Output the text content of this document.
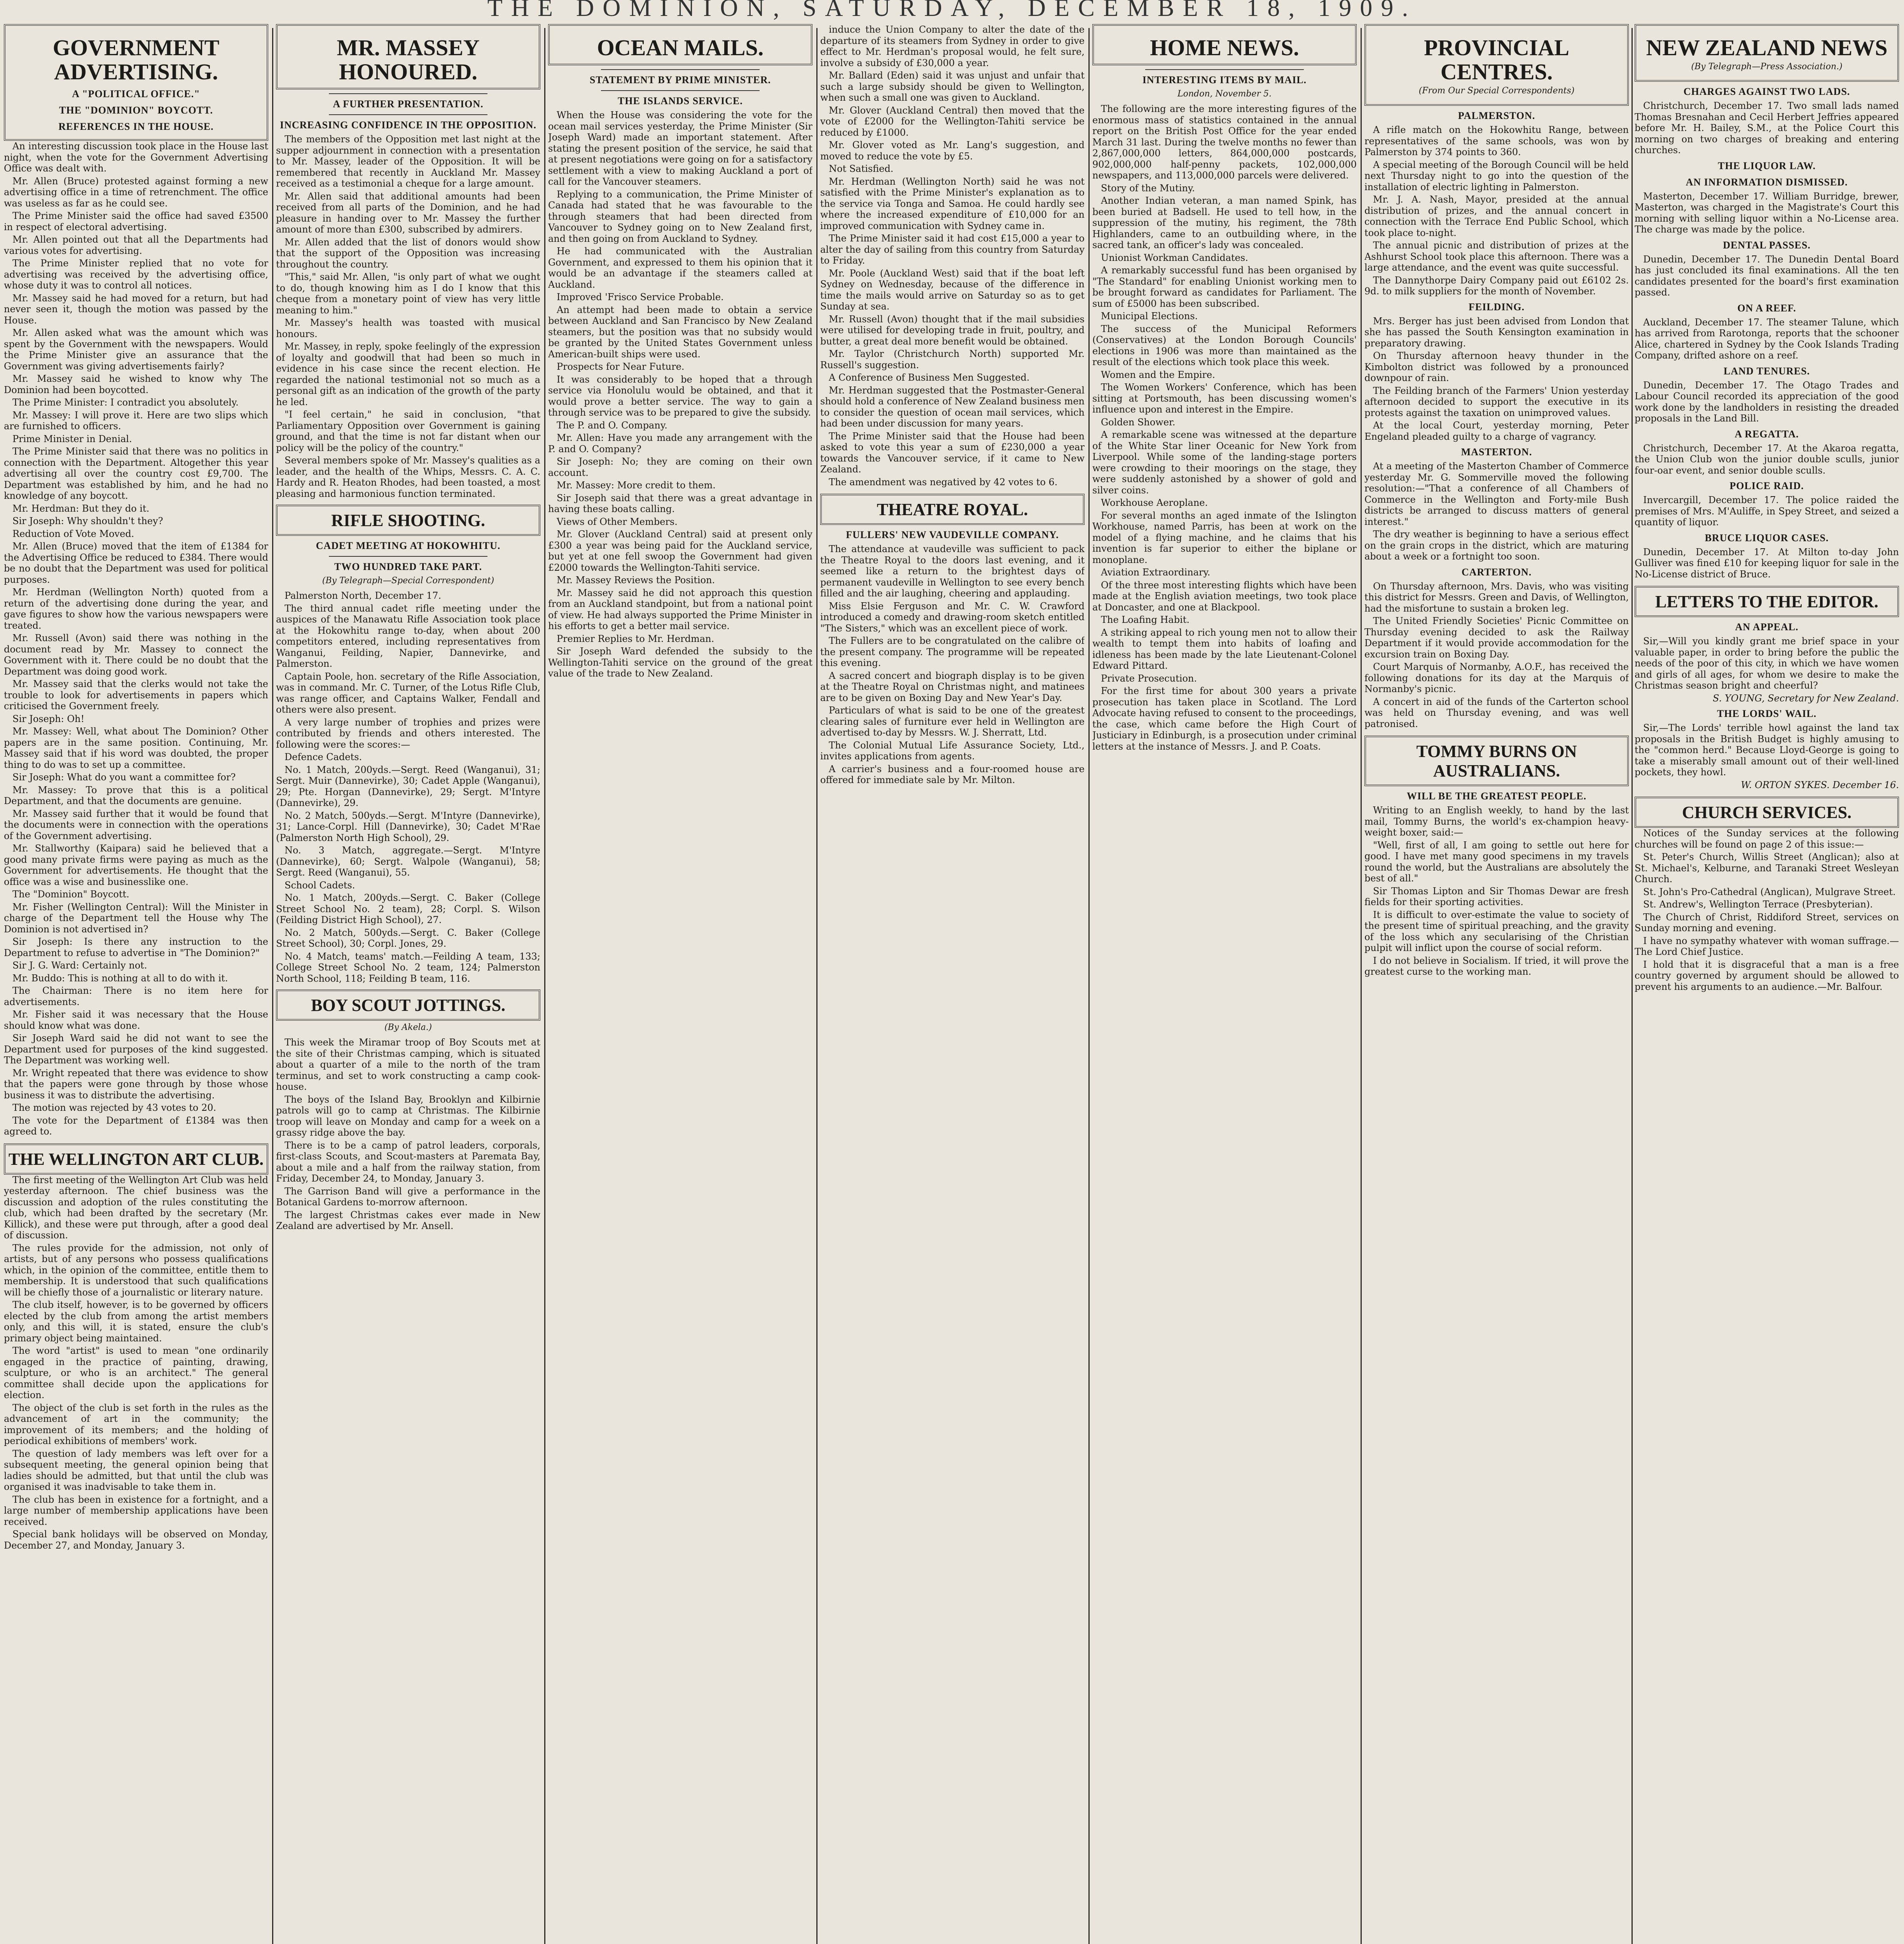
THE DOMINION, SATURDAY, DECEMBER 18, 1909.
GOVERNMENT ADVERTISING.
A "POLITICAL OFFICE."
THE "DOMINION" BOYCOTT.
REFERENCES IN THE HOUSE.

An interesting discussion took place in the House last night, when the vote for the Government Advertising Office was dealt with.

Mr. Allen (Bruce) protested against forming a new advertising office in a time of retrenchment. The office was useless as far as he could see.

The Prime Minister said the office had saved £3500 in respect of electoral advertising.

Mr. Allen pointed out that all the Departments had various votes for advertising.

The Prime Minister replied that no vote for advertising was received by the advertising office, whose duty it was to control all notices.

Mr. Massey said he had moved for a return, but had never seen it, though the motion was passed by the House.

Mr. Allen asked what was the amount which was spent by the Government with the newspapers. Would the Prime Minister give an assurance that the Government was giving advertisements fairly?

Mr. Massey said he wished to know why The Dominion had been boycotted.

The Prime Minister: I contradict you absolutely.

Mr. Massey: I will prove it. Here are two slips which are furnished to officers.

Prime Minister in Denial.

The Prime Minister said that there was no politics in connection with the Department. Altogether this year advertising all over the country cost £9,700. The Department was established by him, and he had no knowledge of any boycott.

Mr. Herdman: But they do it.

Sir Joseph: Why shouldn't they?

Reduction of Vote Moved.

Mr. Allen (Bruce) moved that the item of £1384 for the Advertising Office be reduced to £384. There would be no doubt that the Department was used for political purposes.

Mr. Herdman (Wellington North) quoted from a return of the advertising done during the year, and gave figures to show how the various newspapers were treated.

Mr. Russell (Avon) said there was nothing in the document read by Mr. Massey to connect the Government with it. There could be no doubt that the Department was doing good work.

Mr. Massey said that the clerks would not take the trouble to look for advertisements in papers which criticised the Government freely.

Sir Joseph: Oh!

Mr. Massey: Well, what about The Dominion? Other papers are in the same position. Continuing, Mr. Massey said that if his word was doubted, the proper thing to do was to set up a committee.

Sir Joseph: What do you want a committee for?

Mr. Massey: To prove that this is a political Department, and that the documents are genuine.

Mr. Massey said further that it would be found that the documents were in connection with the operations of the Government advertising.

Mr. Stallworthy (Kaipara) said he believed that a good many private firms were paying as much as the Government for advertisements. He thought that the office was a wise and businesslike one.

The "Dominion" Boycott.

Mr. Fisher (Wellington Central): Will the Minister in charge of the Department tell the House why The Dominion is not advertised in?

Sir Joseph: Is there any instruction to the Department to refuse to advertise in "The Dominion?"

Sir J. G. Ward: Certainly not.

Mr. Buddo: This is nothing at all to do with it.

The Chairman: There is no item here for advertisements.

Mr. Fisher said it was necessary that the House should know what was done.

Sir Joseph Ward said he did not want to see the Department used for purposes of the kind suggested. The Department was working well.

Mr. Wright repeated that there was evidence to show that the papers were gone through by those whose business it was to distribute the advertising.

The motion was rejected by 43 votes to 20.

The vote for the Department of £1384 was then agreed to.

THE WELLINGTON ART CLUB.

The first meeting of the Wellington Art Club was held yesterday afternoon. The chief business was the discussion and adoption of the rules constituting the club, which had been drafted by the secretary (Mr. Killick), and these were put through, after a good deal of discussion.

The rules provide for the admission, not only of artists, but of any persons who possess qualifications which, in the opinion of the committee, entitle them to membership. It is understood that such qualifications will be chiefly those of a journalistic or literary nature.

The club itself, however, is to be governed by officers elected by the club from among the artist members only, and this will, it is stated, ensure the club's primary object being maintained.

The word "artist" is used to mean "one ordinarily engaged in the practice of painting, drawing, sculpture, or who is an architect." The general committee shall decide upon the applications for election.

The object of the club is set forth in the rules as the advancement of art in the community; the improvement of its members; and the holding of periodical exhibitions of members' work.

The question of lady members was left over for a subsequent meeting, the general opinion being that ladies should be admitted, but that until the club was organised it was inadvisable to take them in.

The club has been in existence for a fortnight, and a large number of membership applications have been received.

Special bank holidays will be observed on Monday, December 27, and Monday, January 3.

MR. MASSEY HONOURED.
A FURTHER PRESENTATION.
INCREASING CONFIDENCE IN THE OPPOSITION.

The members of the Opposition met last night at the supper adjournment in connection with a presentation to Mr. Massey, leader of the Opposition. It will be remembered that recently in Auckland Mr. Massey received as a testimonial a cheque for a large amount.

Mr. Allen said that additional amounts had been received from all parts of the Dominion, and he had pleasure in handing over to Mr. Massey the further amount of more than £300, subscribed by admirers.

Mr. Allen added that the list of donors would show that the support of the Opposition was increasing throughout the country.

"This," said Mr. Allen, "is only part of what we ought to do, though knowing him as I do I know that this cheque from a monetary point of view has very little meaning to him."

Mr. Massey's health was toasted with musical honours.

Mr. Massey, in reply, spoke feelingly of the expression of loyalty and goodwill that had been so much in evidence in his case since the recent election. He regarded the national testimonial not so much as a personal gift as an indication of the growth of the party he led.

"I feel certain," he said in conclusion, "that Parliamentary Opposition over Government is gaining ground, and that the time is not far distant when our policy will be the policy of the country."

Several members spoke of Mr. Massey's qualities as a leader, and the health of the Whips, Messrs. C. A. C. Hardy and R. Heaton Rhodes, had been toasted, a most pleasing and harmonious function terminated.

RIFLE SHOOTING.
CADET MEETING AT HOKOWHITU.
TWO HUNDRED TAKE PART.
(By Telegraph—Special Correspondent)

Palmerston North, December 17.

The third annual cadet rifle meeting under the auspices of the Manawatu Rifle Association took place at the Hokowhitu range to-day, when about 200 competitors entered, including representatives from Wanganui, Feilding, Napier, Dannevirke, and Palmerston.

Captain Poole, hon. secretary of the Rifle Association, was in command. Mr. C. Turner, of the Lotus Rifle Club, was range officer, and Captains Walker, Fendall and others were also present.

A very large number of trophies and prizes were contributed by friends and others interested. The following were the scores:—

Defence Cadets.

No. 1 Match, 200yds.—Sergt. Reed (Wanganui), 31; Sergt. Muir (Dannevirke), 30; Cadet Apple (Wanganui), 29; Pte. Horgan (Dannevirke), 29; Sergt. M'Intyre (Dannevirke), 29.

No. 2 Match, 500yds.—Sergt. M'Intyre (Dannevirke), 31; Lance-Corpl. Hill (Dannevirke), 30; Cadet M'Rae (Palmerston North High School), 29.

No. 3 Match, aggregate.—Sergt. M'Intyre (Dannevirke), 60; Sergt. Walpole (Wanganui), 58; Sergt. Reed (Wanganui), 55.

School Cadets.

No. 1 Match, 200yds.—Sergt. C. Baker (College Street School No. 2 team), 28; Corpl. S. Wilson (Feilding District High School), 27.

No. 2 Match, 500yds.—Sergt. C. Baker (College Street School), 30; Corpl. Jones, 29.

No. 4 Match, teams' match.—Feilding A team, 133; College Street School No. 2 team, 124; Palmerston North School, 118; Feilding B team, 116.

BOY SCOUT JOTTINGS.
(By Akela.)

This week the Miramar troop of Boy Scouts met at the site of their Christmas camping, which is situated about a quarter of a mile to the north of the tram terminus, and set to work constructing a camp cook-house.

The boys of the Island Bay, Brooklyn and Kilbirnie patrols will go to camp at Christmas. The Kilbirnie troop will leave on Monday and camp for a week on a grassy ridge above the bay.

There is to be a camp of patrol leaders, corporals, first-class Scouts, and Scout-masters at Paremata Bay, about a mile and a half from the railway station, from Friday, December 24, to Monday, January 3.

The Garrison Band will give a performance in the Botanical Gardens to-morrow afternoon.

The largest Christmas cakes ever made in New Zealand are advertised by Mr. Ansell.

OCEAN MAILS.
STATEMENT BY PRIME MINISTER.
THE ISLANDS SERVICE.

When the House was considering the vote for the ocean mail services yesterday, the Prime Minister (Sir Joseph Ward) made an important statement. After stating the present position of the service, he said that at present negotiations were going on for a satisfactory settlement with a view to making Auckland a port of call for the Vancouver steamers.

Replying to a communication, the Prime Minister of Canada had stated that he was favourable to the through steamers that had been directed from Vancouver to Sydney going on to New Zealand first, and then going on from Auckland to Sydney.

He had communicated with the Australian Government, and expressed to them his opinion that it would be an advantage if the steamers called at Auckland.

Improved 'Frisco Service Probable.

An attempt had been made to obtain a service between Auckland and San Francisco by New Zealand steamers, but the position was that no subsidy would be granted by the United States Government unless American-built ships were used.

Prospects for Near Future.

It was considerably to be hoped that a through service via Honolulu would be obtained, and that it would prove a better service. The way to gain a through service was to be prepared to give the subsidy.

The P. and O. Company.

Mr. Allen: Have you made any arrangement with the P. and O. Company?

Sir Joseph: No; they are coming on their own account.

Mr. Massey: More credit to them.

Sir Joseph said that there was a great advantage in having these boats calling.

Views of Other Members.

Mr. Glover (Auckland Central) said at present only £300 a year was being paid for the Auckland service, but yet at one fell swoop the Government had given £2000 towards the Wellington-Tahiti service.

Mr. Massey Reviews the Position.

Mr. Massey said he did not approach this question from an Auckland standpoint, but from a national point of view. He had always supported the Prime Minister in his efforts to get a better mail service.

Premier Replies to Mr. Herdman.

Sir Joseph Ward defended the subsidy to the Wellington-Tahiti service on the ground of the great value of the trade to New Zealand.

induce the Union Company to alter the date of the departure of its steamers from Sydney in order to give effect to Mr. Herdman's proposal would, he felt sure, involve a subsidy of £30,000 a year.

Mr. Ballard (Eden) said it was unjust and unfair that such a large subsidy should be given to Wellington, when such a small one was given to Auckland.

Mr. Glover (Auckland Central) then moved that the vote of £2000 for the Wellington-Tahiti service be reduced by £1000.

Mr. Glover voted as Mr. Lang's suggestion, and moved to reduce the vote by £5.

Not Satisfied.

Mr. Herdman (Wellington North) said he was not satisfied with the Prime Minister's explanation as to the service via Tonga and Samoa. He could hardly see where the increased expenditure of £10,000 for an improved communication with Sydney came in.

The Prime Minister said it had cost £15,000 a year to alter the day of sailing from this country from Saturday to Friday.

Mr. Poole (Auckland West) said that if the boat left Sydney on Wednesday, because of the difference in time the mails would arrive on Saturday so as to get Sunday at sea.

Mr. Russell (Avon) thought that if the mail subsidies were utilised for developing trade in fruit, poultry, and butter, a great deal more benefit would be obtained.

Mr. Taylor (Christchurch North) supported Mr. Russell's suggestion.

A Conference of Business Men Suggested.

Mr. Herdman suggested that the Postmaster-General should hold a conference of New Zealand business men to consider the question of ocean mail services, which had been under discussion for many years.

The Prime Minister said that the House had been asked to vote this year a sum of £230,000 a year towards the Vancouver service, if it came to New Zealand.

The amendment was negatived by 42 votes to 6.

THEATRE ROYAL.
FULLERS' NEW VAUDEVILLE COMPANY.

The attendance at vaudeville was sufficient to pack the Theatre Royal to the doors last evening, and it seemed like a return to the brightest days of permanent vaudeville in Wellington to see every bench filled and the air laughing, cheering and applauding.

Miss Elsie Ferguson and Mr. C. W. Crawford introduced a comedy and drawing-room sketch entitled "The Sisters," which was an excellent piece of work.

The Fullers are to be congratulated on the calibre of the present company. The programme will be repeated this evening.

A sacred concert and biograph display is to be given at the Theatre Royal on Christmas night, and matinees are to be given on Boxing Day and New Year's Day.

Particulars of what is said to be one of the greatest clearing sales of furniture ever held in Wellington are advertised to-day by Messrs. W. J. Sherratt, Ltd.

The Colonial Mutual Life Assurance Society, Ltd., invites applications from agents.

A carrier's business and a four-roomed house are offered for immediate sale by Mr. Milton.

HOME NEWS.
INTERESTING ITEMS BY MAIL.
London, November 5.

The following are the more interesting figures of the enormous mass of statistics contained in the annual report on the British Post Office for the year ended March 31 last. During the twelve months no fewer than 2,867,000,000 letters, 864,000,000 postcards, 902,000,000 half-penny packets, 102,000,000 newspapers, and 113,000,000 parcels were delivered.

Story of the Mutiny.

Another Indian veteran, a man named Spink, has been buried at Badsell. He used to tell how, in the suppression of the mutiny, his regiment, the 78th Highlanders, came to an outbuilding where, in the sacred tank, an officer's lady was concealed.

Unionist Workman Candidates.

A remarkably successful fund has been organised by "The Standard" for enabling Unionist working men to be brought forward as candidates for Parliament. The sum of £5000 has been subscribed.

Municipal Elections.

The success of the Municipal Reformers (Conservatives) at the London Borough Councils' elections in 1906 was more than maintained as the result of the elections which took place this week.

Women and the Empire.

The Women Workers' Conference, which has been sitting at Portsmouth, has been discussing women's influence upon and interest in the Empire.

Golden Shower.

A remarkable scene was witnessed at the departure of the White Star liner Oceanic for New York from Liverpool. While some of the landing-stage porters were crowding to their moorings on the stage, they were suddenly astonished by a shower of gold and silver coins.

Workhouse Aeroplane.

For several months an aged inmate of the Islington Workhouse, named Parris, has been at work on the model of a flying machine, and he claims that his invention is far superior to either the biplane or monoplane.

Aviation Extraordinary.

Of the three most interesting flights which have been made at the English aviation meetings, two took place at Doncaster, and one at Blackpool.

The Loafing Habit.

A striking appeal to rich young men not to allow their wealth to tempt them into habits of loafing and idleness has been made by the late Lieutenant-Colonel Edward Pittard.

Private Prosecution.

For the first time for about 300 years a private prosecution has taken place in Scotland. The Lord Advocate having refused to consent to the proceedings, the case, which came before the High Court of Justiciary in Edinburgh, is a prosecution under criminal letters at the instance of Messrs. J. and P. Coats.

PROVINCIAL CENTRES.
(From Our Special Correspondents)
PALMERSTON.

A rifle match on the Hokowhitu Range, between representatives of the same schools, was won by Palmerston by 374 points to 360.

A special meeting of the Borough Council will be held next Thursday night to go into the question of the installation of electric lighting in Palmerston.

Mr. J. A. Nash, Mayor, presided at the annual distribution of prizes, and the annual concert in connection with the Terrace End Public School, which took place to-night.

The annual picnic and distribution of prizes at the Ashhurst School took place this afternoon. There was a large attendance, and the event was quite successful.

The Dannythorpe Dairy Company paid out £6102 2s. 9d. to milk suppliers for the month of November.

FEILDING.

Mrs. Berger has just been advised from London that she has passed the South Kensington examination in preparatory drawing.

On Thursday afternoon heavy thunder in the Kimbolton district was followed by a pronounced downpour of rain.

The Feilding branch of the Farmers' Union yesterday afternoon decided to support the executive in its protests against the taxation on unimproved values.

At the local Court, yesterday morning, Peter Engeland pleaded guilty to a charge of vagrancy.

MASTERTON.

At a meeting of the Masterton Chamber of Commerce yesterday Mr. G. Sommerville moved the following resolution:—"That a conference of all Chambers of Commerce in the Wellington and Forty-mile Bush districts be arranged to discuss matters of general interest."

The dry weather is beginning to have a serious effect on the grain crops in the district, which are maturing about a week or a fortnight too soon.

CARTERTON.

On Thursday afternoon, Mrs. Davis, who was visiting this district for Messrs. Green and Davis, of Wellington, had the misfortune to sustain a broken leg.

The United Friendly Societies' Picnic Committee on Thursday evening decided to ask the Railway Department if it would provide accommodation for the excursion train on Boxing Day.

Court Marquis of Normanby, A.O.F., has received the following donations for its day at the Marquis of Normanby's picnic.

A concert in aid of the funds of the Carterton school was held on Thursday evening, and was well patronised.

TOMMY BURNS ON AUSTRALIANS.
WILL BE THE GREATEST PEOPLE.

Writing to an English weekly, to hand by the last mail, Tommy Burns, the world's ex-champion heavy-weight boxer, said:—

"Well, first of all, I am going to settle out here for good. I have met many good specimens in my travels round the world, but the Australians are absolutely the best of all."

Sir Thomas Lipton and Sir Thomas Dewar are fresh fields for their sporting activities.

It is difficult to over-estimate the value to society of the present time of spiritual preaching, and the gravity of the loss which any secularising of the Christian pulpit will inflict upon the course of social reform.

I do not believe in Socialism. If tried, it will prove the greatest curse to the working man.

NEW ZEALAND NEWS
(By Telegraph—Press Association.)
CHARGES AGAINST TWO LADS.

Christchurch, December 17. Two small lads named Thomas Bresnahan and Cecil Herbert Jeffries appeared before Mr. H. Bailey, S.M., at the Police Court this morning on two charges of breaking and entering churches.

THE LIQUOR LAW.
AN INFORMATION DISMISSED.

Masterton, December 17. William Burridge, brewer, Masterton, was charged in the Magistrate's Court this morning with selling liquor within a No-License area. The charge was made by the police.

DENTAL PASSES.

Dunedin, December 17. The Dunedin Dental Board has just concluded its final examinations. All the ten candidates presented for the board's first examination passed.

ON A REEF.

Auckland, December 17. The steamer Talune, which has arrived from Rarotonga, reports that the schooner Alice, chartered in Sydney by the Cook Islands Trading Company, drifted ashore on a reef.

LAND TENURES.

Dunedin, December 17. The Otago Trades and Labour Council recorded its appreciation of the good work done by the landholders in resisting the dreaded proposals in the Land Bill.

A REGATTA.

Christchurch, December 17. At the Akaroa regatta, the Union Club won the junior double sculls, junior four-oar event, and senior double sculls.

POLICE RAID.

Invercargill, December 17. The police raided the premises of Mrs. M'Auliffe, in Spey Street, and seized a quantity of liquor.

BRUCE LIQUOR CASES.

Dunedin, December 17. At Milton to-day John Gulliver was fined £10 for keeping liquor for sale in the No-License district of Bruce.

LETTERS TO THE EDITOR.
AN APPEAL.

Sir,—Will you kindly grant me brief space in your valuable paper, in order to bring before the public the needs of the poor of this city, in which we have women and girls of all ages, for whom we desire to make the Christmas season bright and cheerful?

S. YOUNG, Secretary for New Zealand.

THE LORDS' WAIL.

Sir,—The Lords' terrible howl against the land tax proposals in the British Budget is highly amusing to the "common herd." Because Lloyd-George is going to take a miserably small amount out of their well-lined pockets, they howl.

W. ORTON SYKES. December 16.

CHURCH SERVICES.

Notices of the Sunday services at the following churches will be found on page 2 of this issue:—

St. Peter's Church, Willis Street (Anglican); also at St. Michael's, Kelburne, and Taranaki Street Wesleyan Church.

St. John's Pro-Cathedral (Anglican), Mulgrave Street.

St. Andrew's, Wellington Terrace (Presbyterian).

The Church of Christ, Riddiford Street, services on Sunday morning and evening.

I have no sympathy whatever with woman suffrage.—The Lord Chief Justice.

I hold that it is disgraceful that a man is a free country governed by argument should be allowed to prevent his arguments to an audience.—Mr. Balfour.
